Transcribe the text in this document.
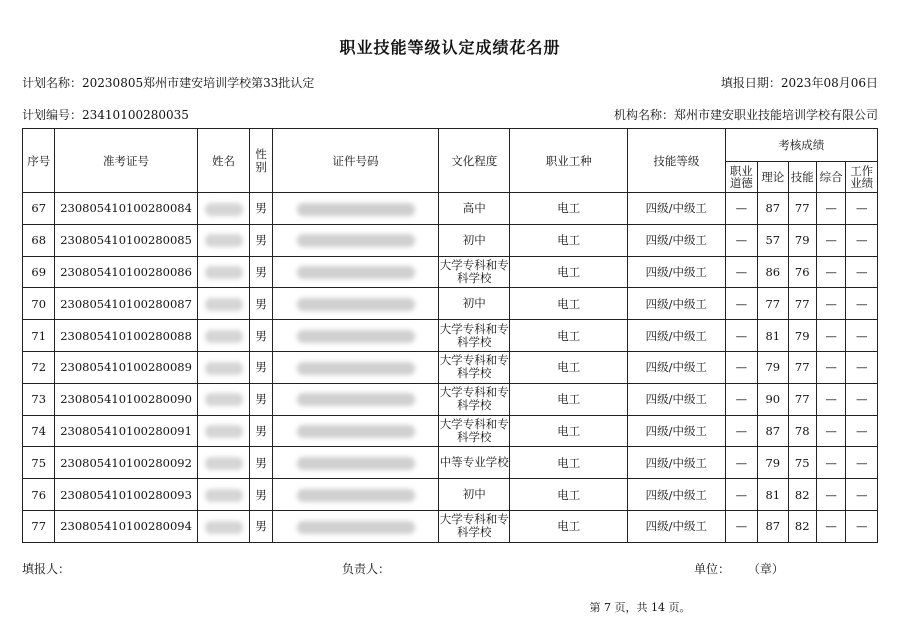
职业技能等级认定成绩花名册
计划名称：20230805郑州市建安培训学校第33批认定	填报日期：2023年08月06日
计划编号：23410100280035	机构名称：郑州市建安职业技能培训学校有限公司
序号	准考证号	姓名	性别	证件号码	文化程度	职业工种	技能等级	考核成绩				
								职业道德	理论	技能	综合	工作业绩
67	230805410100280084		男		高中	电工	四级/中级工	—	87	77	—	—
68	230805410100280085		男		初中	电工	四级/中级工	—	57	79	—	—
69	230805410100280086		男		大学专科和专科学校	电工	四级/中级工	—	86	76	—	—
70	230805410100280087		男		初中	电工	四级/中级工	—	77	77	—	—
71	230805410100280088		男		大学专科和专科学校	电工	四级/中级工	—	81	79	—	—
72	230805410100280089		男		大学专科和专科学校	电工	四级/中级工	—	79	77	—	—
73	230805410100280090		男		大学专科和专科学校	电工	四级/中级工	—	90	77	—	—
74	230805410100280091		男		大学专科和专科学校	电工	四级/中级工	—	87	78	—	—
75	230805410100280092		男		中等专业学校	电工	四级/中级工	—	79	75	—	—
76	230805410100280093		男		初中	电工	四级/中级工	—	81	82	—	—
77	230805410100280094		男		大学专科和专科学校	电工	四级/中级工	—	87	82	—	—
填报人：	负责人：	单位： （章）
第 7 页，共 14 页。
